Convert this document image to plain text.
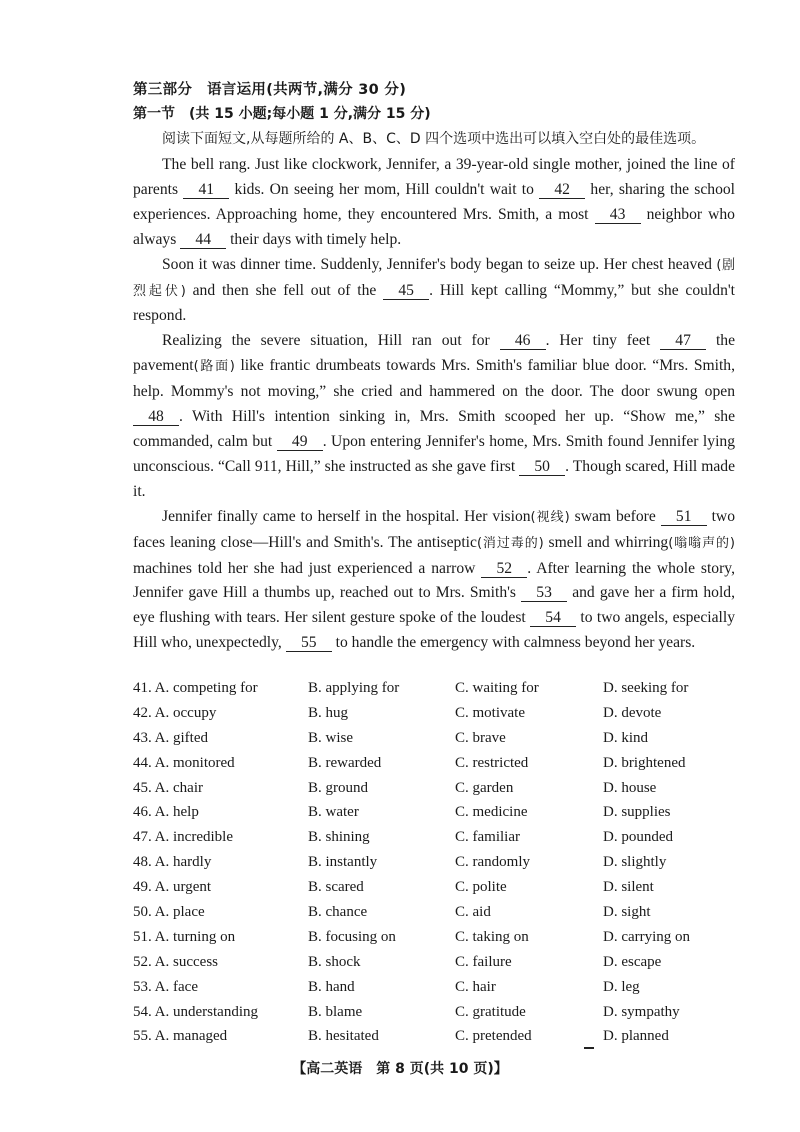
第三部分　语言运用(共两节,满分 30 分)
第一节　(共 15 小题;每小题 1 分,满分 15 分)
阅读下面短文,从每题所给的 A、B、C、D 四个选项中选出可以填入空白处的最佳选项。

The bell rang. Just like clockwork, Jennifer, a 39-year-old single mother, joined the line of parents 41 kids. On seeing her mom, Hill couldn't wait to 42 her, sharing the school experiences. Approaching home, they encountered Mrs. Smith, a most 43 neighbor who always 44 their days with timely help.

Soon it was dinner time. Suddenly, Jennifer's body began to seize up. Her chest heaved (剧烈起伏) and then she fell out of the 45 . Hill kept calling “Mommy,” but she couldn't respond.

Realizing the severe situation, Hill ran out for 46 . Her tiny feet 47 the pavement(路面) like frantic drumbeats towards Mrs. Smith's familiar blue door. “Mrs. Smith, help. Mommy's not moving,” she cried and hammered on the door. The door swung open 48 . With Hill's intention sinking in, Mrs. Smith scooped her up. “Show me,” she commanded, calm but 49 . Upon entering Jennifer's home, Mrs. Smith found Jennifer lying unconscious. “Call 911, Hill,” she instructed as she gave first 50 . Though scared, Hill made it.

Jennifer finally came to herself in the hospital. Her vision(视线) swam before 51 two faces leaning close—Hill's and Smith's. The antiseptic(消过毒的) smell and whirring(嗡嗡声的) machines told her she had just experienced a narrow 52 . After learning the whole story, Jennifer gave Hill a thumbs up, reached out to Mrs. Smith's 53 and gave her a firm hold, eye flushing with tears. Her silent gesture spoke of the loudest 54 to two angels, especially Hill who, unexpectedly, 55 to handle the emergency with calmness beyond her years.

41. A. competing for	B. applying for	C. waiting for	D. seeking for
42. A. occupy	B. hug	C. motivate	D. devote
43. A. gifted	B. wise	C. brave	D. kind
44. A. monitored	B. rewarded	C. restricted	D. brightened
45. A. chair	B. ground	C. garden	D. house
46. A. help	B. water	C. medicine	D. supplies
47. A. incredible	B. shining	C. familiar	D. pounded
48. A. hardly	B. instantly	C. randomly	D. slightly
49. A. urgent	B. scared	C. polite	D. silent
50. A. place	B. chance	C. aid	D. sight
51. A. turning on	B. focusing on	C. taking on	D. carrying on
52. A. success	B. shock	C. failure	D. escape
53. A. face	B. hand	C. hair	D. leg
54. A. understanding	B. blame	C. gratitude	D. sympathy
55. A. managed	B. hesitated	C. pretended	D. planned
【高二英语　第 8 页(共 10 页)】
